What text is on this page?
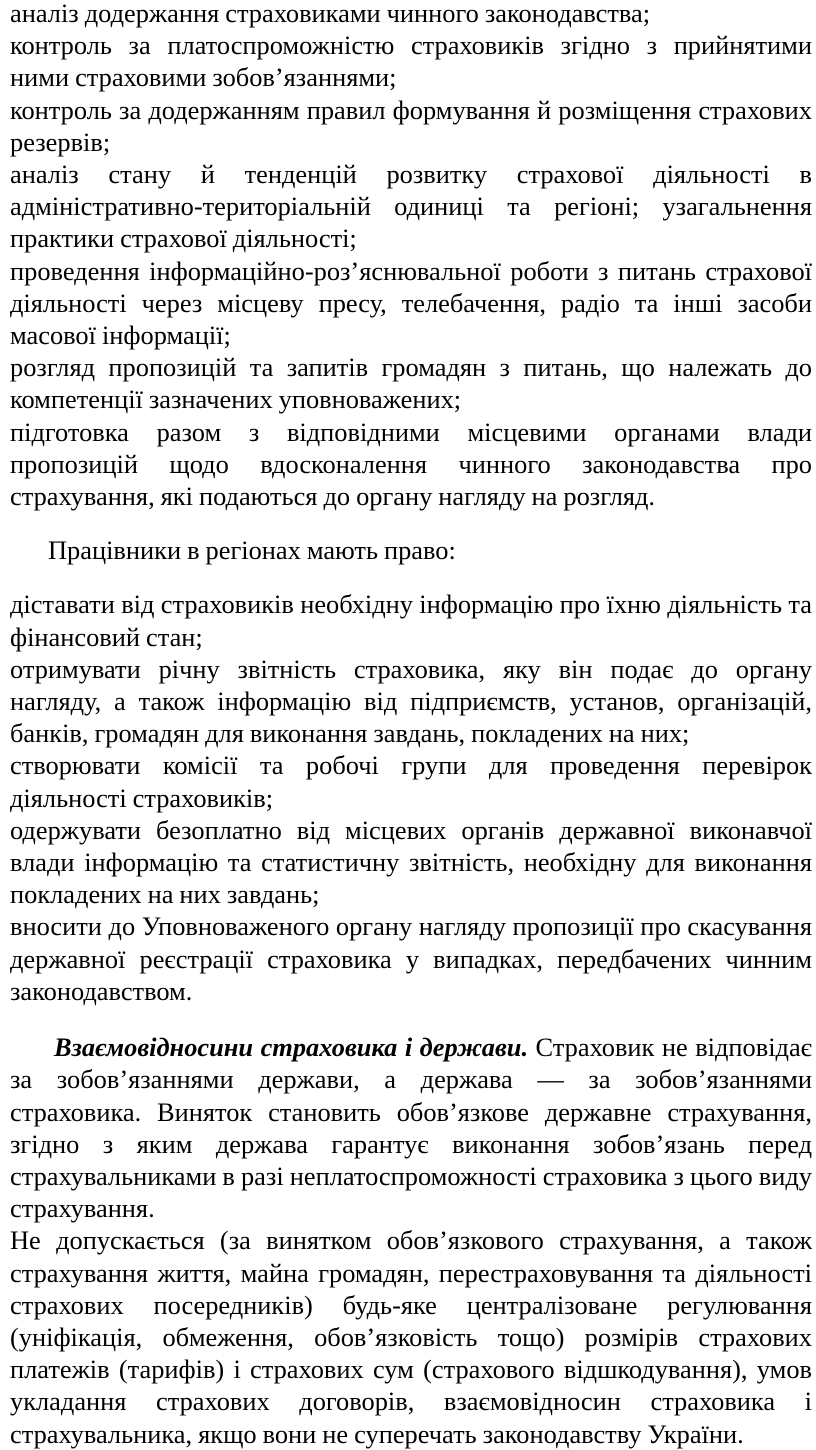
аналіз додержання страховиками чинного законодавства;

контроль за платоспроможністю страховиків згідно з прийнятими ними страховими зобов’язаннями;

контроль за додержанням правил формування й розміщення страхових резервів;

аналіз стану й тенденцій розвитку страхової діяльності в адміністративно-територіальній одиниці та регіоні; узагальнення практики страхової діяльності;

проведення інформаційно-роз’яснювальної роботи з питань страхової діяльності через місцеву пресу, телебачення, радіо та інші засоби масової інформації;

розгляд пропозицій та запитів громадян з питань, що належать до компетенції зазначених уповноважених;

підготовка разом з відповідними місцевими органами влади пропозицій щодо вдосконалення чинного законодавства про страхування, які подаються до органу нагляду на розгляд.

Працівники в регіонах мають право:

діставати від страховиків необхідну інформацію про їхню діяльність та фінансовий стан;

отримувати річну звітність страховика, яку він подає до органу нагляду, а також інформацію від підприємств, установ, організацій, банків, громадян для виконання завдань, покладених на них;

створювати комісії та робочі групи для проведення перевірок діяльності страховиків;

одержувати безоплатно від місцевих органів державної виконавчої влади інформацію та статистичну звітність, необхідну для виконання покладених на них завдань;

вносити до Уповноваженого органу нагляду пропозиції про скасування державної реєстрації страховика у випадках, передбачених чинним законодавством.

Взаємовідносини страховика і держави. Страховик не відповідає за зобов’язаннями держави, а держава — за зобов’язаннями страховика. Виняток становить обов’язкове державне страхування, згідно з яким держава гарантує виконання зобов’язань перед страхувальниками в разі неплатоспроможності страховика з цього виду страхування.

Не допускається (за винятком обов’язкового страхування, а також страхування життя, майна громадян, перестраховування та діяльності страхових посередників) будь-яке централізоване регулювання (уніфікація, обмеження, обов’язковість тощо) розмірів страхових платежів (тарифів) і страхових сум (страхового відшкодування), умов укладання страхових договорів, взаємовідносин страховика і страхувальника, якщо вони не суперечать законодавству України.
